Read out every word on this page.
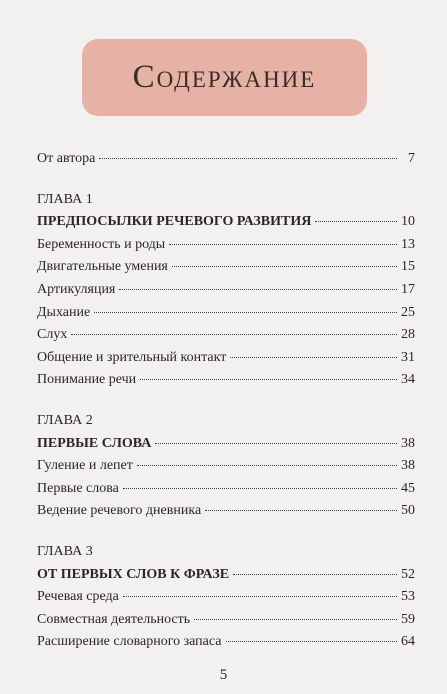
Содержание
От автора	7
ГЛАВА 1
ПРЕДПОСЫЛКИ РЕЧЕВОГО РАЗВИТИЯ	10
Беременность и роды	13
Двигательные умения	15
Артикуляция	17
Дыхание	25
Слух	28
Общение и зрительный контакт	31
Понимание речи	34
ГЛАВА 2
ПЕРВЫЕ СЛОВА	38
Гуление и лепет	38
Первые слова	45
Ведение речевого дневника	50
ГЛАВА 3
ОТ ПЕРВЫХ СЛОВ К ФРАЗЕ	52
Речевая среда	53
Совместная деятельность	59
Расширение словарного запаса	64
5
